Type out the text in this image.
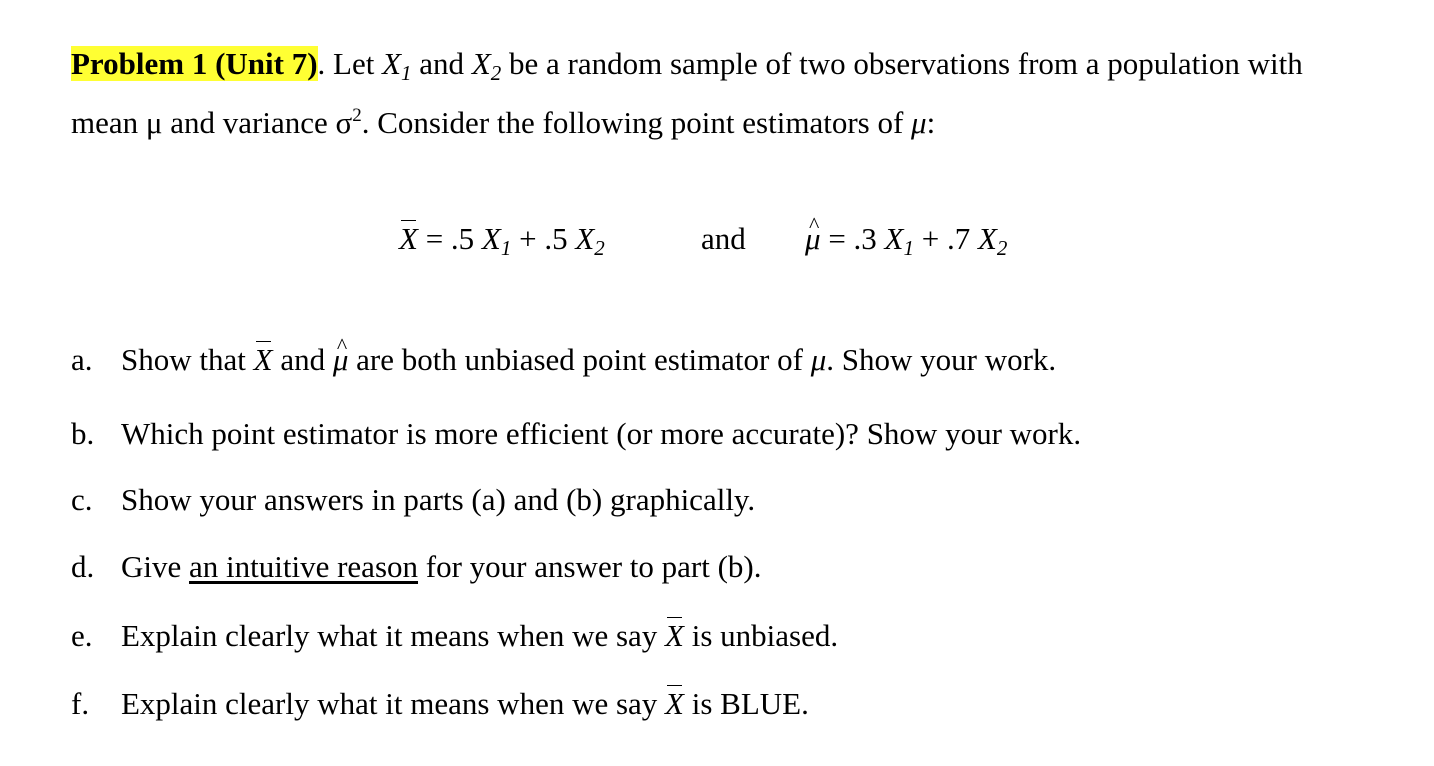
Problem 1 (Unit 7). Let $X_1$ and $X_2$ be a random sample of two observations from a population with
mean μ and variance $\sigma^2$. Consider the following point estimators of μ:
X = .5 $X_1 + .5$ $X_2$	and
^ μ = .3 $X_1 + .7$ $X_2$
a. Show that X and ^ μ are both unbiased point estimator of μ. Show your work.
b. Which point estimator is more efficient (or more accurate)? Show your work.
c. Show your answers in parts (a) and (b) graphically.
d. Give an intuitive reason for your answer to part (b).
e. Explain clearly what it means when we say X is unbiased.
f. Explain clearly what it means when we say X is BLUE.
